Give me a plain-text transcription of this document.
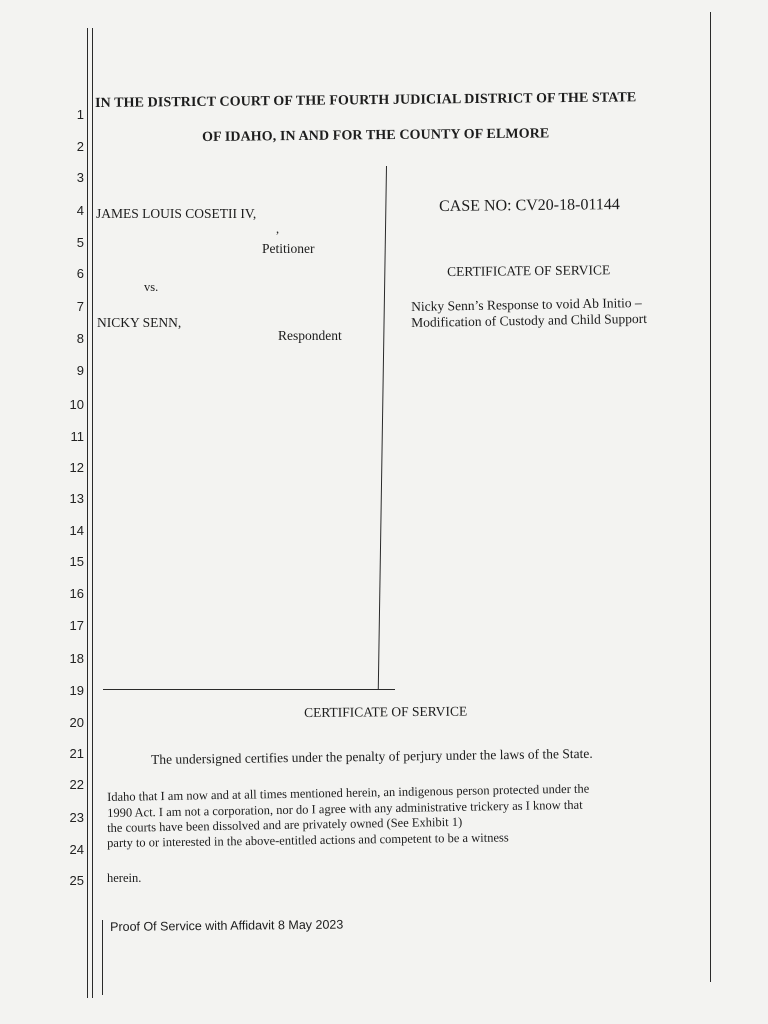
1
2
3
4
5
6
7
8
9
10
11
12
13
14
15
16
17
18
19
20
21
22
23
24
25
IN THE DISTRICT COURT OF THE FOURTH JUDICIAL DISTRICT OF THE STATE
OF IDAHO, IN AND FOR THE COUNTY OF ELMORE
JAMES LOUIS COSETII IV,
,
Petitioner
vs.
NICKY SENN,
Respondent
CASE NO: CV20-18-01144
CERTIFICATE OF SERVICE
Nicky Senn’s Response to void Ab Initio –
Modification of Custody and Child Support
CERTIFICATE OF SERVICE
The undersigned certifies under the penalty of perjury under the laws of the State.
Idaho that I am now and at all times mentioned herein, an indigenous person protected under the
1990 Act. I am not a corporation, nor do I agree with any administrative trickery as I know that
the courts have been dissolved and are privately owned (See Exhibit 1)
party to or interested in the above-entitled actions and competent to be a witness
herein.
Proof Of Service with Affidavit 8 May 2023
